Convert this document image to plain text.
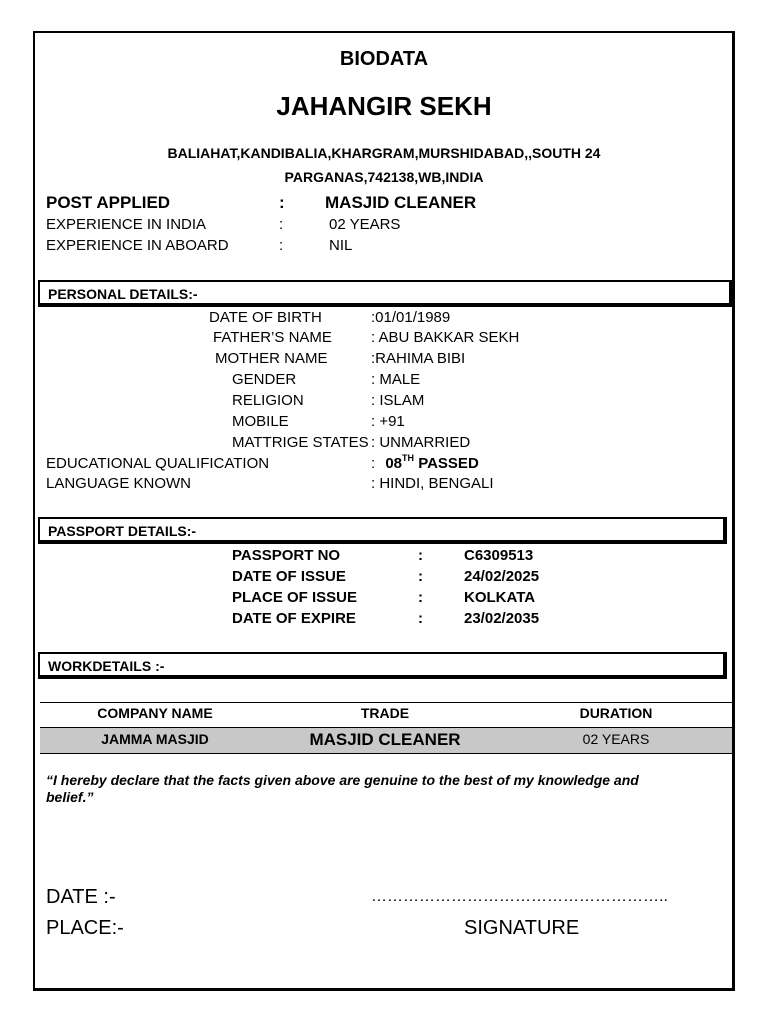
BIODATA
JAHANGIR SEKH
BALIAHAT,KANDIBALIA,KHARGRAM,MURSHIDABAD,,SOUTH 24
PARGANAS,742138,WB,INDIA
POST APPLIED	: MASJID CLEANER
EXPERIENCE IN INDIA	:	02 YEARS
EXPERIENCE IN ABOARD	:	NIL
PERSONAL DETAILS:-
DATE OF BIRTH	:01/01/1989
FATHER’S NAME	: ABU BAKKAR SEKH
MOTHER NAME	:RAHIMA BIBI
GENDER	: MALE
RELIGION	: ISLAM
MOBILE	: +91
MATTRIGE STATES : UNMARRIED
EDUCATIONAL QUALIFICATION	: 08TH PASSED
LANGUAGE KNOWN	: HINDI, BENGALI
PASSPORT DETAILS:-
PASSPORT NO	:	C6309513
DATE OF ISSUE	:	24/02/2025
PLACE OF ISSUE	:	KOLKATA
DATE OF EXPIRE	:	23/02/2035
WORKDETAILS :-
COMPANY NAME	TRADE	DURATION
JAMMA MASJID	MASJID CLEANER	02 YEARS
“I hereby declare that the facts given above are genuine to the best of my knowledge and
belief.”
DATE :-
PLACE:-
………………………………………………..
SIGNATURE
